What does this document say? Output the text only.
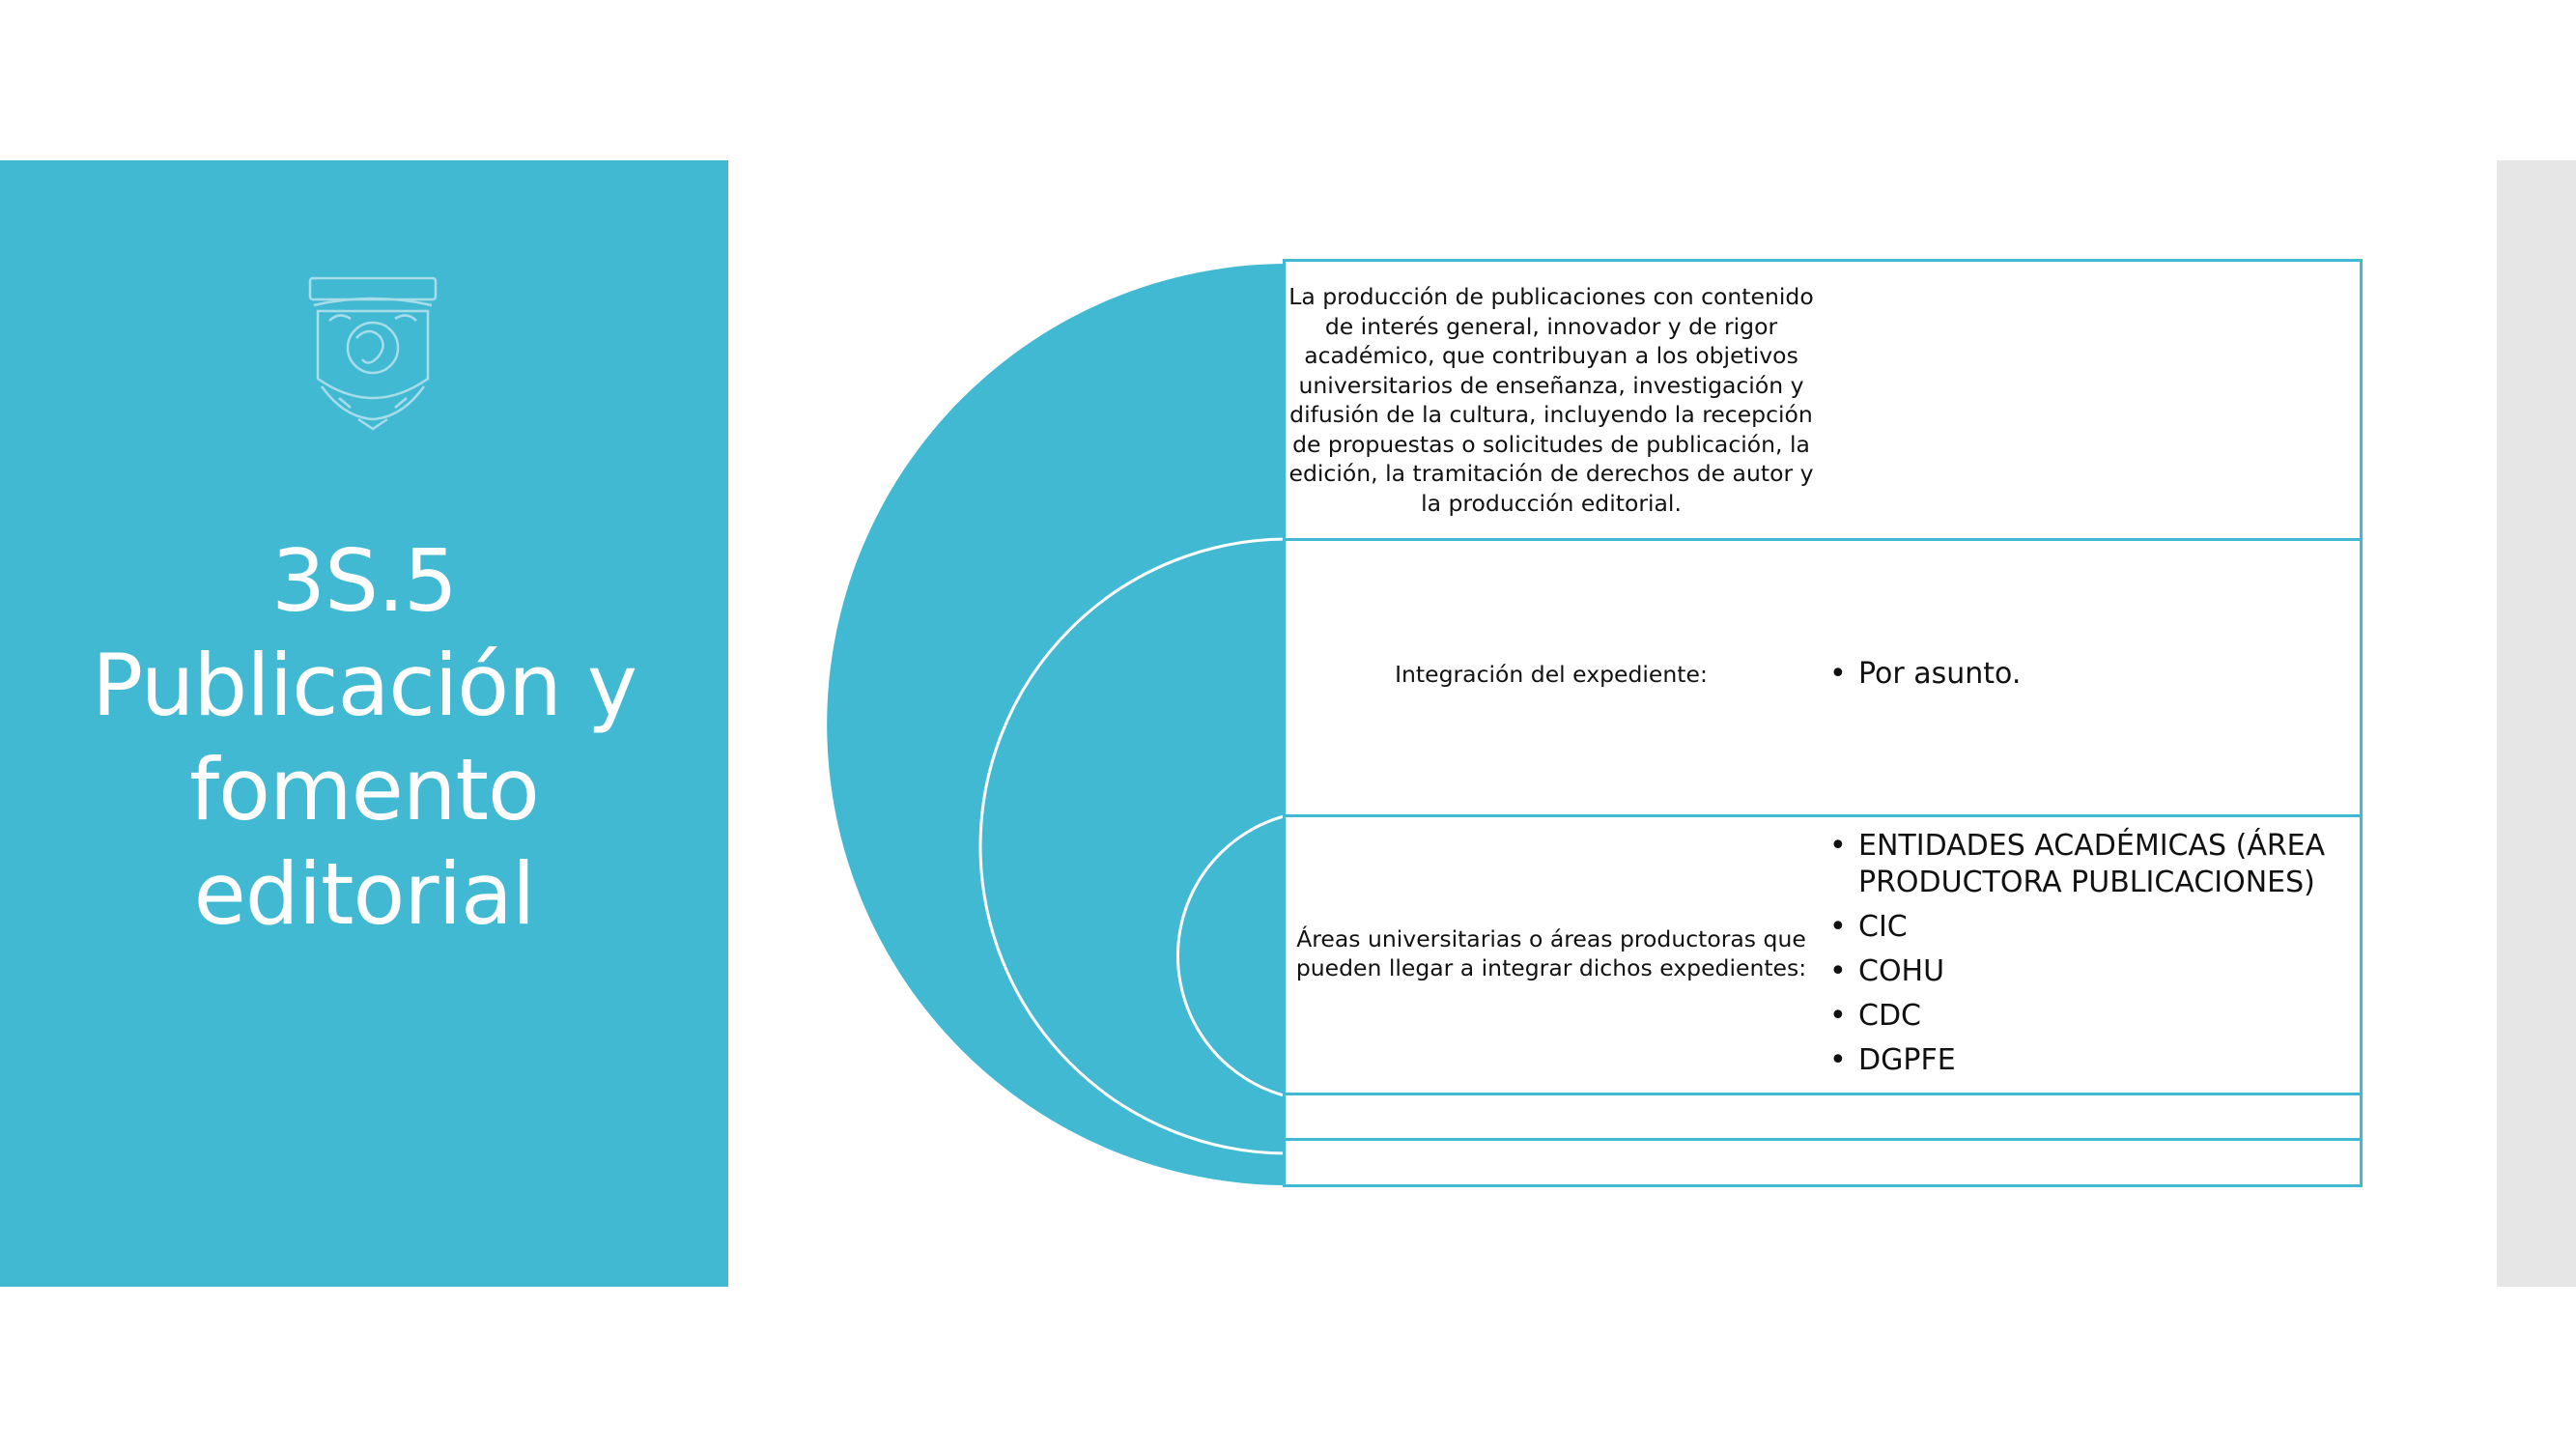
3S.5
Publicación y
fomento
editorial
La producción de publicaciones con contenido de interés general, innovador y de rigor académico, que contribuyan a los objetivos universitarios de enseñanza, investigación y difusión de la cultura, incluyendo la recepción de propuestas o solicitudes de publicación, la edición, la tramitación de derechos de autor y la producción editorial.
Integración del expediente:
Áreas universitarias o áreas productoras que pueden llegar a integrar dichos expedientes:
• Por asunto.
• ENTIDADES ACADÉMICAS (ÁREA PRODUCTORA PUBLICACIONES)
• CIC
• COHU
• CDC
• DGPFE
